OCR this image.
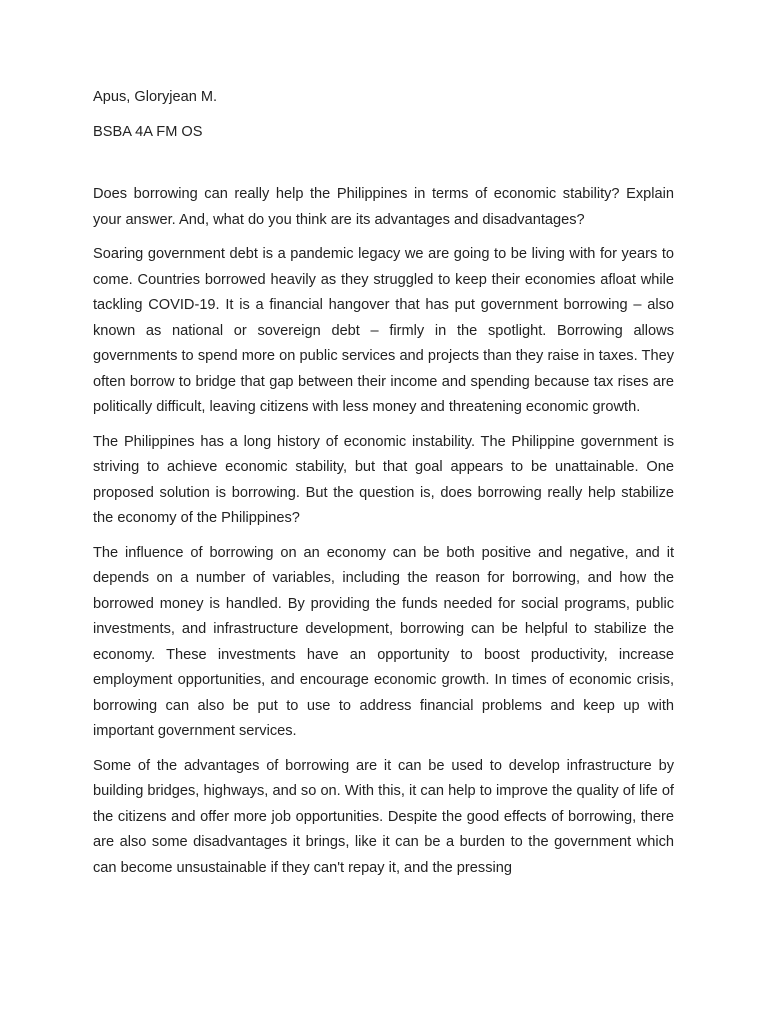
Apus, Gloryjean M.

BSBA 4A FM OS

Does borrowing can really help the Philippines in terms of economic stability? Explain your answer. And, what do you think are its advantages and disadvantages?

Soaring government debt is a pandemic legacy we are going to be living with for years to come. Countries borrowed heavily as they struggled to keep their economies afloat while tackling COVID-19. It is a financial hangover that has put government borrowing – also known as national or sovereign debt – firmly in the spotlight. Borrowing allows governments to spend more on public services and projects than they raise in taxes. They often borrow to bridge that gap between their income and spending because tax rises are politically difficult, leaving citizens with less money and threatening economic growth.

The Philippines has a long history of economic instability. The Philippine government is striving to achieve economic stability, but that goal appears to be unattainable. One proposed solution is borrowing. But the question is, does borrowing really help stabilize the economy of the Philippines?

The influence of borrowing on an economy can be both positive and negative, and it depends on a number of variables, including the reason for borrowing, and how the borrowed money is handled. By providing the funds needed for social programs, public investments, and infrastructure development, borrowing can be helpful to stabilize the economy. These investments have an opportunity to boost productivity, increase employment opportunities, and encourage economic growth. In times of economic crisis, borrowing can also be put to use to address financial problems and keep up with important government services.

Some of the advantages of borrowing are it can be used to develop infrastructure by building bridges, highways, and so on. With this, it can help to improve the quality of life of the citizens and offer more job opportunities. Despite the good effects of borrowing, there are also some disadvantages it brings, like it can be a burden to the government which can become unsustainable if they can't repay it, and the pressing
